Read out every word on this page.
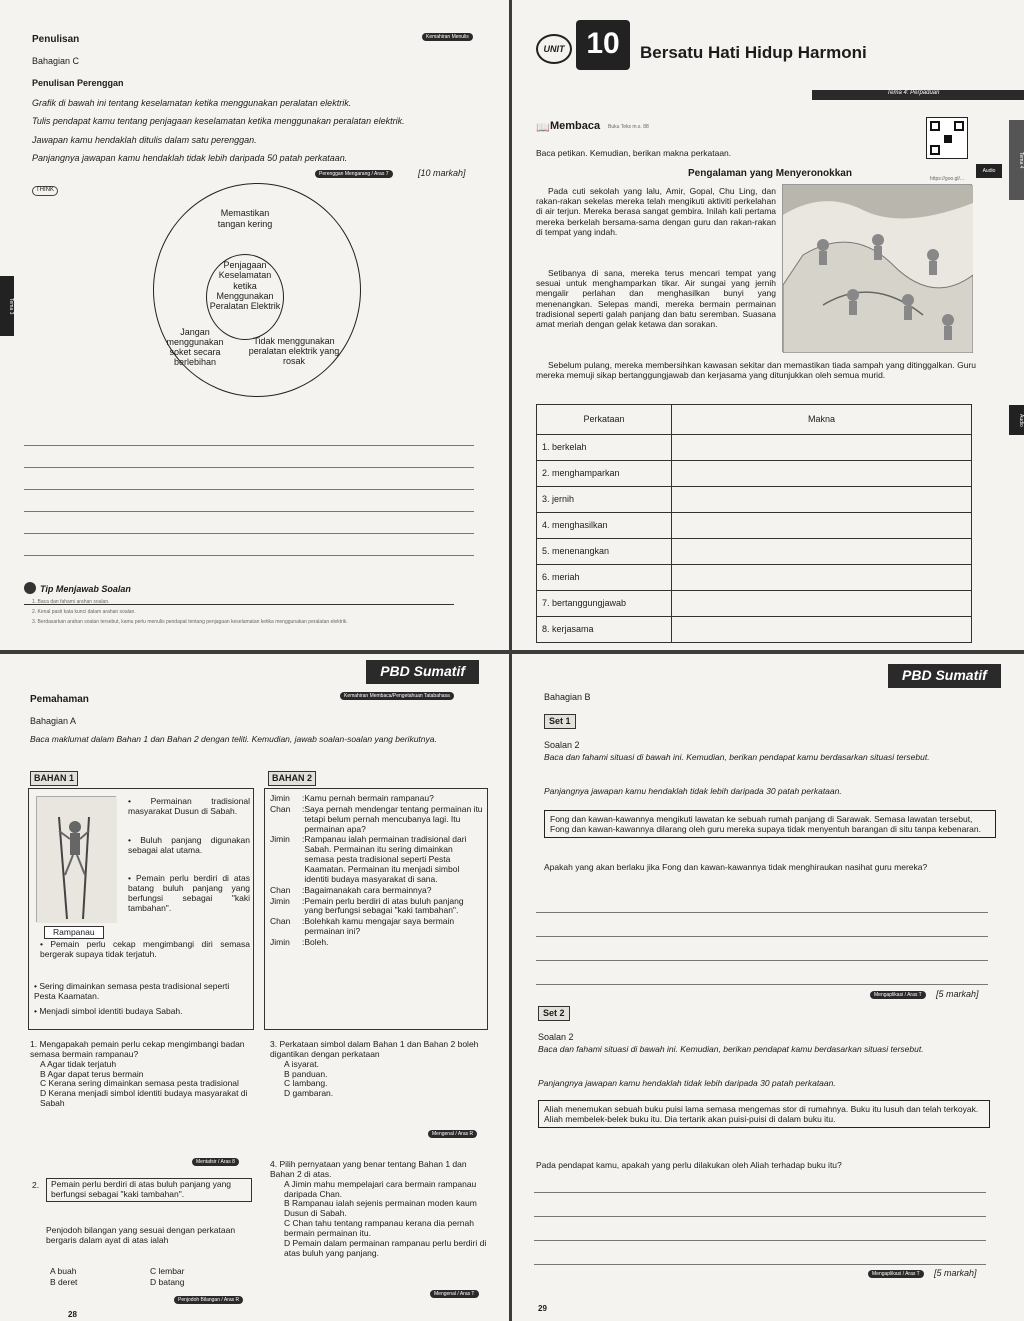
Penulisan	Kemahiran Menulis
Bahagian C
Penulisan Perenggan
Grafik di bawah ini tentang keselamatan ketika menggunakan peralatan elektrik.
Tulis pendapat kamu tentang penjagaan keselamatan ketika menggunakan peralatan elektrik.
Jawapan kamu hendaklah ditulis dalam satu perenggan.
Panjangnya jawapan kamu hendaklah tidak lebih daripada 50 patah perkataan.
Perenggan Mengarang / Aras 7	[10 markah]
THINK
Penjagaan Keselamatan ketika Menggunakan Peralatan Elektrik
Memastikan tangan kering
Jangan menggunakan soket secara berlebihan
Tidak menggunakan peralatan elektrik yang rosak
Tema 3
Tip Menjawab Soalan
1. Baca dan fahami arahan soalan.
2. Kenal pasti kata kunci dalam arahan soalan.
3. Berdasarkan arahan soalan tersebut, kamu perlu menulis pendapat tentang penjagaan keselamatan ketika menggunakan peralatan elektrik.
UNIT 10	Bersatu Hati Hidup Harmoni
Tema 4: Perpaduan
📖 Membaca Buku Teks m.s. 88
Baca petikan. Kemudian, berikan makna perkataan.
https://goo.gl/...
Audio
Tema 4
Audio
Pengalaman yang Menyeronokkan
Pada cuti sekolah yang lalu, Amir, Gopal, Chu Ling, dan rakan-rakan sekelas mereka telah mengikuti aktiviti perkelahan di air terjun. Mereka berasa sangat gembira. Inilah kali pertama mereka berkelah bersama-sama dengan guru dan rakan-rakan di tempat yang indah.
Setibanya di sana, mereka terus mencari tempat yang sesuai untuk menghamparkan tikar. Air sungai yang jernih mengalir perlahan dan menghasilkan bunyi yang menenangkan. Selepas mandi, mereka bermain permainan tradisional seperti galah panjang dan batu seremban. Suasana amat meriah dengan gelak ketawa dan sorakan.
Sebelum pulang, mereka membersihkan kawasan sekitar dan memastikan tiada sampah yang ditinggalkan. Guru mereka memuji sikap bertanggungjawab dan kerjasama yang ditunjukkan oleh semua murid.
Perkataan	Makna
1. berkelah	
2. menghamparkan	
3. jernih	
4. menghasilkan	
5. menenangkan	
6. meriah	
7. bertanggungjawab	
8. kerjasama	
PBD Sumatif
Pemahaman	Kemahiran Membaca/Pengetahuan Tatabahasa
Bahagian A
Baca maklumat dalam Bahan 1 dan Bahan 2 dengan teliti. Kemudian, jawab soalan-soalan yang berikutnya.
BAHAN 1	BAHAN 2
Rampanau
• Permainan tradisional masyarakat Dusun di Sabah.
• Buluh panjang digunakan sebagai alat utama.
• Pemain perlu berdiri di atas batang buluh panjang yang berfungsi sebagai "kaki tambahan".
• Pemain perlu cekap mengimbangi diri semasa bergerak supaya tidak terjatuh.
• Sering dimainkan semasa pesta tradisional seperti Pesta Kaamatan.
• Menjadi simbol identiti budaya Sabah.
Jimin	: Kamu pernah bermain rampanau?
Chan	: Saya pernah mendengar tentang permainan itu tetapi belum pernah mencubanya lagi. Itu permainan apa?
Jimin	: Rampanau ialah permainan tradisional dari Sabah. Permainan itu sering dimainkan semasa pesta tradisional seperti Pesta Kaamatan. Permainan itu menjadi simbol identiti budaya masyarakat di sana.
Chan	: Bagaimanakah cara bermainnya?
Jimin	: Pemain perlu berdiri di atas buluh panjang yang berfungsi sebagai "kaki tambahan".
Chan	: Bolehkah kamu mengajar saya bermain permainan ini?
Jimin	: Boleh.
1. Mengapakah pemain perlu cekap mengimbangi badan semasa bermain rampanau?
A Agar tidak terjatuh
B Agar dapat terus bermain
C Kerana sering dimainkan semasa pesta tradisional
D Kerana menjadi simbol identiti budaya masyarakat di Sabah
Mentafsir / Aras 8
2.	Pemain perlu berdiri di atas buluh panjang yang berfungsi sebagai "kaki tambahan".
Penjodoh bilangan yang sesuai dengan perkataan bergaris dalam ayat di atas ialah
A buah	C lembar
B deret	D batang
Penjodoh Bilangan / Aras R
3. Perkataan simbol dalam Bahan 1 dan Bahan 2 boleh digantikan dengan perkataan
A isyarat.
B panduan.
C lambang.
D gambaran.
Mengenal / Aras R
4. Pilih pernyataan yang benar tentang Bahan 1 dan Bahan 2 di atas.
A Jimin mahu mempelajari cara bermain rampanau daripada Chan.
B Rampanau ialah sejenis permainan moden kaum Dusun di Sabah.
C Chan tahu tentang rampanau kerana dia pernah bermain permainan itu.
D Pemain dalam permainan rampanau perlu berdiri di atas buluh yang panjang.
Mengenal / Aras T
28
PBD Sumatif
Bahagian B
Set 1
Soalan 2
Baca dan fahami situasi di bawah ini. Kemudian, berikan pendapat kamu berdasarkan situasi tersebut.
Panjangnya jawapan kamu hendaklah tidak lebih daripada 30 patah perkataan.
Fong dan kawan-kawannya mengikuti lawatan ke sebuah rumah panjang di Sarawak. Semasa lawatan tersebut, Fong dan kawan-kawannya dilarang oleh guru mereka supaya tidak menyentuh barangan di situ tanpa kebenaran.
Apakah yang akan berlaku jika Fong dan kawan-kawannya tidak menghiraukan nasihat guru mereka?
Mengaplikasi / Aras T	[5 markah]
Set 2
Soalan 2
Baca dan fahami situasi di bawah ini. Kemudian, berikan pendapat kamu berdasarkan situasi tersebut.
Panjangnya jawapan kamu hendaklah tidak lebih daripada 30 patah perkataan.
Aliah menemukan sebuah buku puisi lama semasa mengemas stor di rumahnya. Buku itu lusuh dan telah terkoyak. Aliah membelek-belek buku itu. Dia tertarik akan puisi-puisi di dalam buku itu.
Pada pendapat kamu, apakah yang perlu dilakukan oleh Aliah terhadap buku itu?
Mengaplikasi / Aras T	[5 markah]
29
